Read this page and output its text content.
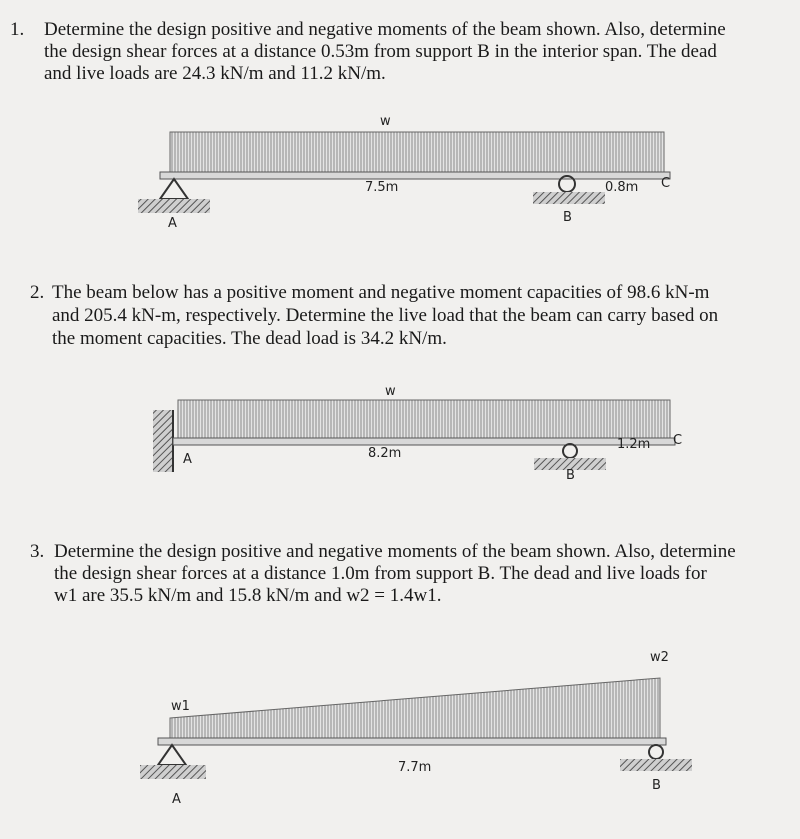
1. Determine the design positive and negative moments of the beam shown. Also, determine
the design shear forces at a distance 0.53m from support B in the interior span. The dead
and live loads are 24.3 kN/m and 11.2 kN/m.
2. The beam below has a positive moment and negative moment capacities of 98.6 kN-m
and 205.4 kN-m, respectively. Determine the live load that the beam can carry based on
the moment capacities. The dead load is 34.2 kN/m.
3. Determine the design positive and negative moments of the beam shown. Also, determine
the design shear forces at a distance 1.0m from support B. The dead and live loads for
w1 are 35.5 kN/m and 15.8 kN/m and w2 = 1.4w1.
w
7.5m	0.8m C
A	B
w
A	8.2m
1.2m C
B
w2
w1
7.7m
A
B
